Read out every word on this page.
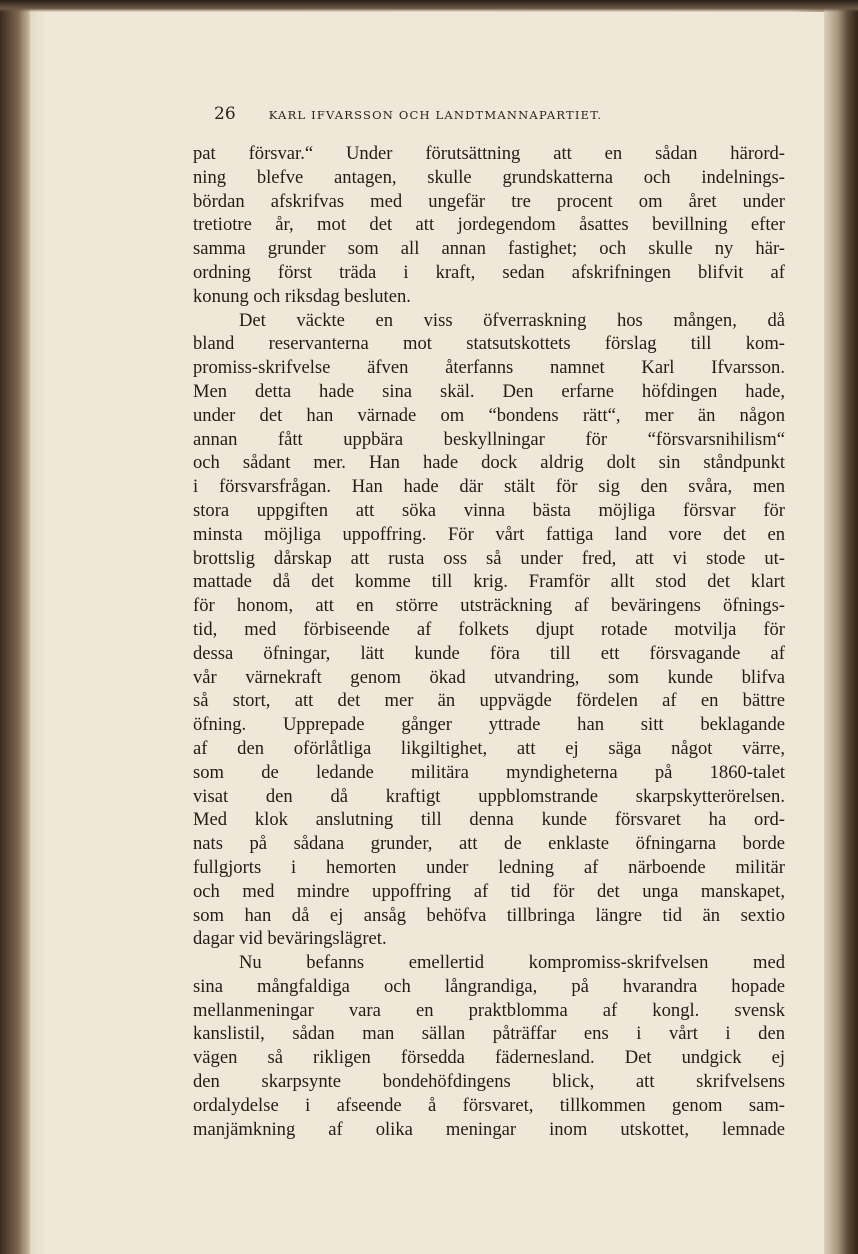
26	KARL IFVARSSON OCH LANDTMANNAPARTIET.
pat försvar.“ Under förutsättning att en sådan härord-
ning blefve antagen, skulle grundskatterna och indelnings-
bördan afskrifvas med ungefär tre procent om året under
tretiotre år, mot det att jordegendom åsattes bevillning efter
samma grunder som all annan fastighet; och skulle ny här-
ordning först träda i kraft, sedan afskrifningen blifvit af
konung och riksdag besluten.
Det väckte en viss öfverraskning hos mången, då
bland reservanterna mot statsutskottets förslag till kom-
promiss-skrifvelse äfven återfanns namnet Karl Ifvarsson.
Men detta hade sina skäl. Den erfarne höfdingen hade,
under det han värnade om “bondens rätt“, mer än någon
annan fått uppbära beskyllningar för “försvarsnihilism“
och sådant mer. Han hade dock aldrig dolt sin ståndpunkt
i försvarsfrågan. Han hade där stält för sig den svåra, men
stora uppgiften att söka vinna bästa möjliga försvar för
minsta möjliga uppoffring. För vårt fattiga land vore det en
brottslig dårskap att rusta oss så under fred, att vi stode ut-
mattade då det komme till krig. Framför allt stod det klart
för honom, att en större utsträckning af beväringens öfnings-
tid, med förbiseende af folkets djupt rotade motvilja för
dessa öfningar, lätt kunde föra till ett försvagande af
vår värnekraft genom ökad utvandring, som kunde blifva
så stort, att det mer än uppvägde fördelen af en bättre
öfning. Upprepade gånger yttrade han sitt beklagande
af den oförlåtliga likgiltighet, att ej säga något värre,
som de ledande militära myndigheterna på 1860-talet
visat den då kraftigt uppblomstrande skarpskytterörelsen.
Med klok anslutning till denna kunde försvaret ha ord-
nats på sådana grunder, att de enklaste öfningarna borde
fullgjorts i hemorten under ledning af närboende militär
och med mindre uppoffring af tid för det unga manskapet,
som han då ej ansåg behöfva tillbringa längre tid än sextio
dagar vid beväringslägret.
Nu befanns emellertid kompromiss-skrifvelsen med
sina mångfaldiga och långrandiga, på hvarandra hopade
mellanmeningar vara en praktblomma af kongl. svensk
kanslistil, sådan man sällan påträffar ens i vårt i den
vägen så rikligen försedda fädernesland. Det undgick ej
den skarpsynte bondehöfdingens blick, att skrifvelsens
ordalydelse i afseende å försvaret, tillkommen genom sam-
manjämkning af olika meningar inom utskottet, lemnade
